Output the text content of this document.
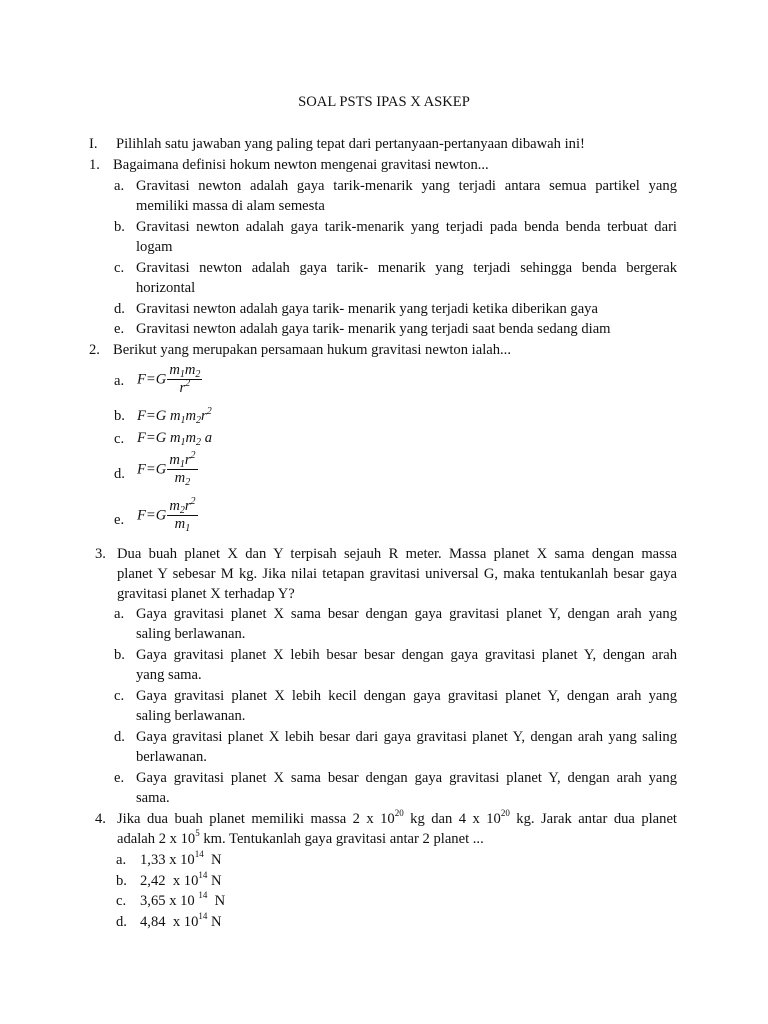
SOAL PSTS IPAS X ASKEP
I. Pilihlah satu jawaban yang paling tepat dari pertanyaan-pertanyaan dibawah ini!
1. Bagaimana definisi hokum newton mengenai gravitasi newton...
a. Gravitasi newton adalah gaya tarik-menarik yang terjadi antara semua partikel yang
memiliki massa di alam semesta
b. Gravitasi newton adalah gaya tarik-menarik yang terjadi pada benda benda terbuat dari
logam
c. Gravitasi newton adalah gaya tarik- menarik yang terjadi sehingga benda bergerak
horizontal
d. Gravitasi newton adalah gaya tarik- menarik yang terjadi ketika diberikan gaya
e. Gravitasi newton adalah gaya tarik- menarik yang terjadi saat benda sedang diam
2. Berikut yang merupakan persamaan hukum gravitasi newton ialah...
a. $F=G \frac{m_1m_2}{r^2}$
b. F=G $m_1m_2r^2$
c. F=G $m_1m_2$ a
d. $F=G \frac{m_1r^2}{m_2}$
e. $F=G \frac{m_2r^2}{m_1}$
3. Dua buah planet X dan Y terpisah sejauh R meter. Massa planet X sama dengan massa
planet Y sebesar M kg. Jika nilai tetapan gravitasi universal G, maka tentukanlah besar gaya
gravitasi planet X terhadap Y?
a. Gaya gravitasi planet X sama besar dengan gaya gravitasi planet Y, dengan arah yang
saling berlawanan.
b. Gaya gravitasi planet X lebih besar besar dengan gaya gravitasi planet Y, dengan arah
yang sama.
c. Gaya gravitasi planet X lebih kecil dengan gaya gravitasi planet Y, dengan arah yang
saling berlawanan.
d. Gaya gravitasi planet X lebih besar dari gaya gravitasi planet Y, dengan arah yang saling
berlawanan.
e. Gaya gravitasi planet X sama besar dengan gaya gravitasi planet Y, dengan arah yang
sama.
4. Jika dua buah planet memiliki massa 2 x $10^{20}$ kg dan 4 x $10^{20}$ kg. Jarak antar dua planet
adalah 2 x $10^5$ km. Tentukanlah gaya gravitasi antar 2 planet ...
a. 1,33 x $10^{14}$  N
b. 2,42  x $10^{14}$ N
c. 3,65 x 10 $^{14}$  N
d. 4,84  x $10^{14}$ N
